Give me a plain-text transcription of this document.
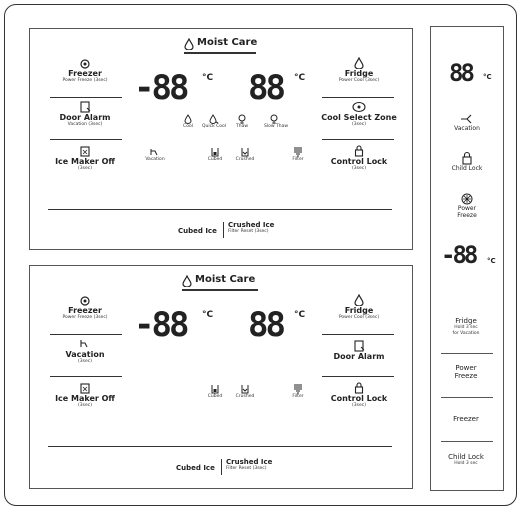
Moist Care
Freezer
Power Freeze (3sec)
Door Alarm
Vacation (3sec)
Ice Maker Off
(3sec)
Fridge
Power Cool (3sec)
Cool Select Zone
(3sec)
Control Lock
(3sec)
-88 °C 88 °C
Cool	Quick Cool	Thaw	Slow Thaw
Vacation	Cubed	Crushed	Filter
Cubed Ice
Crushed Ice
Filter Reset (3sec)
Moist Care
Freezer
Power Freeze (3sec)
Vacation
(3sec)
Ice Maker Off
(3sec)
Fridge
Power Cool (3sec)
Door Alarm
Control Lock
(3sec)
-88 °C 88 °C
Cubed	Crushed	Filter
Cubed Ice
Crushed Ice
Filter Reset (3sec)
88 °C
Vacation
Child Lock
Power
Freeze
-88 °C
Fridge
Hold 3 sec
for Vacation
Power
Freeze
Freezer
Child Lock
Hold 3 sec
